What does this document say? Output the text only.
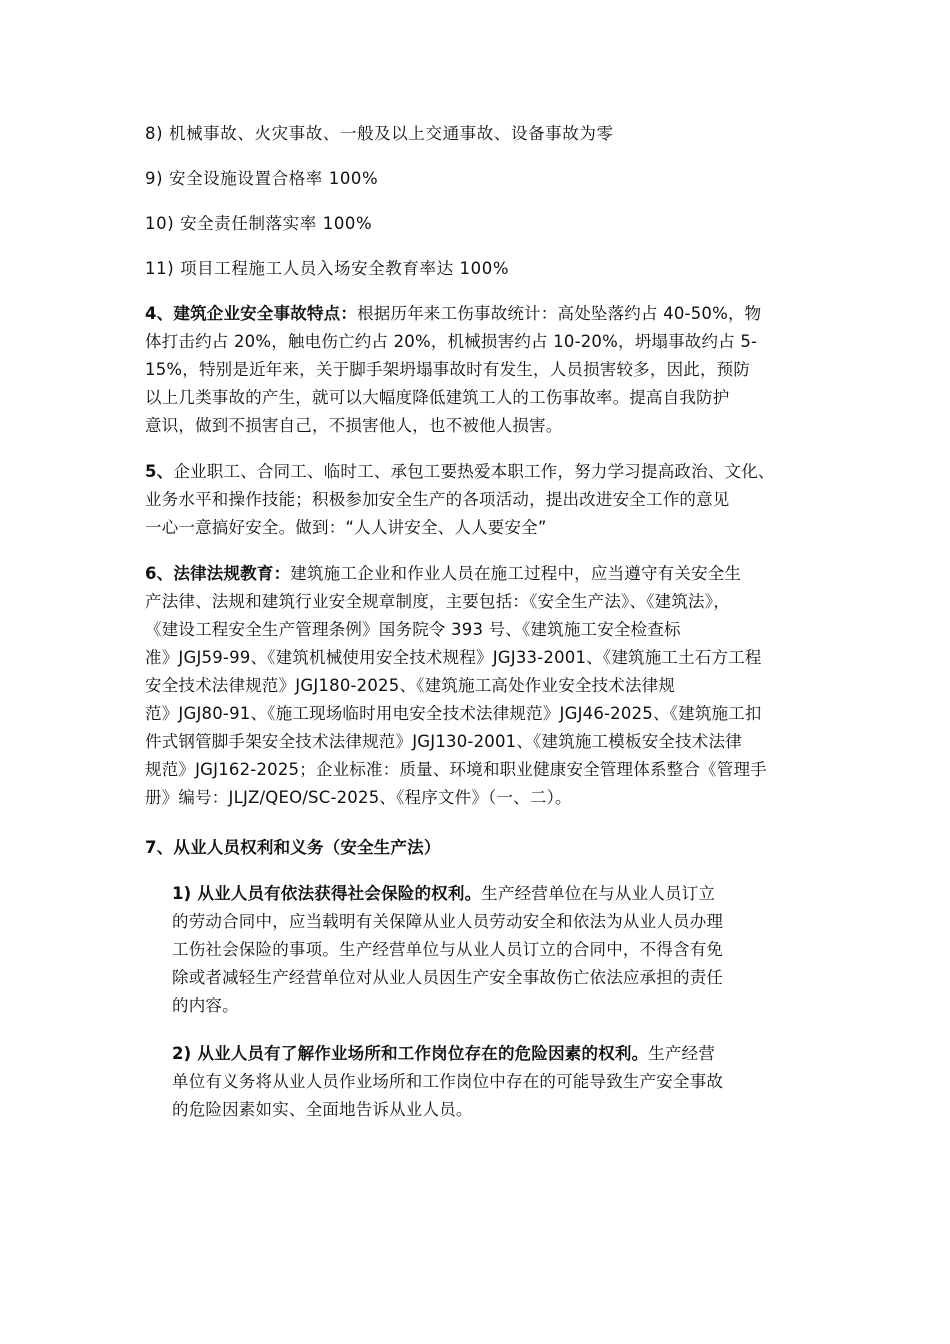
8) 机械事故、火灾事故、一般及以上交通事故、设备事故为零
9) 安全设施设置合格率 100%
10) 安全责任制落实率 100%
11) 项目工程施工人员入场安全教育率达 100%
4、建筑企业安全事故特点：根据历年来工伤事故统计：高处坠落约占 40-50%，物
体打击约占 20%，触电伤亡约占 20%，机械损害约占 10-20%，坍塌事故约占 5-
15%，特别是近年来，关于脚手架坍塌事故时有发生，人员损害较多，因此，预防
以上几类事故的产生，就可以大幅度降低建筑工人的工伤事故率。提高自我防护
意识，做到不损害自己，不损害他人，也不被他人损害。
5、企业职工、合同工、临时工、承包工要热爱本职工作，努力学习提高政治、文化、
业务水平和操作技能；积极参加安全生产的各项活动，提出改进安全工作的意见
一心一意搞好安全。做到：“人人讲安全、人人要安全”
6、法律法规教育：建筑施工企业和作业人员在施工过程中，应当遵守有关安全生
产法律、法规和建筑行业安全规章制度，主要包括：《安全生产法》、《建筑法》，
《建设工程安全生产管理条例》国务院令 393 号、《建筑施工安全检查标
准》JGJ59-99、《建筑机械使用安全技术规程》JGJ33-2001、《建筑施工土石方工程
安全技术法律规范》JGJ180-2025、《建筑施工高处作业安全技术法律规
范》JGJ80-91、《施工现场临时用电安全技术法律规范》JGJ46-2025、《建筑施工扣
件式钢管脚手架安全技术法律规范》JGJ130-2001、《建筑施工模板安全技术法律
规范》JGJ162-2025；企业标准：质量、环境和职业健康安全管理体系整合《管理手
册》编号：JLJZ/QEO/SC-2025、《程序文件》（一、二）。
7、从业人员权利和义务（安全生产法）
1) 从业人员有依法获得社会保险的权利。生产经营单位在与从业人员订立
的劳动合同中，应当载明有关保障从业人员劳动安全和依法为从业人员办理
工伤社会保险的事项。生产经营单位与从业人员订立的合同中，不得含有免
除或者减轻生产经营单位对从业人员因生产安全事故伤亡依法应承担的责任
的内容。
2) 从业人员有了解作业场所和工作岗位存在的危险因素的权利。生产经营
单位有义务将从业人员作业场所和工作岗位中存在的可能导致生产安全事故
的危险因素如实、全面地告诉从业人员。
